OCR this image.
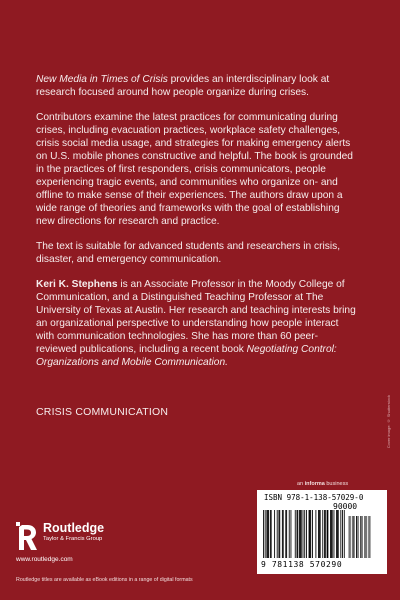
New Media in Times of Crisis provides an interdisciplinary look at research focused around how people organize during crises.

Contributors examine the latest practices for communicating during crises, including evacuation practices, workplace safety challenges, crisis social media usage, and strategies for making emergency alerts on U.S. mobile phones constructive and helpful. The book is grounded in the practices of first responders, crisis communicators, people experiencing tragic events, and communities who organize on- and offline to make sense of their experiences. The authors draw upon a wide range of theories and frameworks with the goal of establishing new directions for research and practice.

The text is suitable for advanced students and researchers in crisis, disaster, and emergency communication.

Keri K. Stephens is an Associate Professor in the Moody College of Communication, and a Distinguished Teaching Professor at The University of Texas at Austin. Her research and teaching interests bring an organizational perspective to understanding how people interact with communication technologies. She has more than 60 peer-reviewed publications, including a recent book Negotiating Control: Organizations and Mobile Communication.

CRISIS COMMUNICATION	Cover image: © Shutterstock
Routledge
Taylor & Francis Group
www.routledge.com
Routledge titles are available as eBook editions in a range of digital formats
an informa business
ISBN 978-1-138-57029-0
90000
9 781138 570290
